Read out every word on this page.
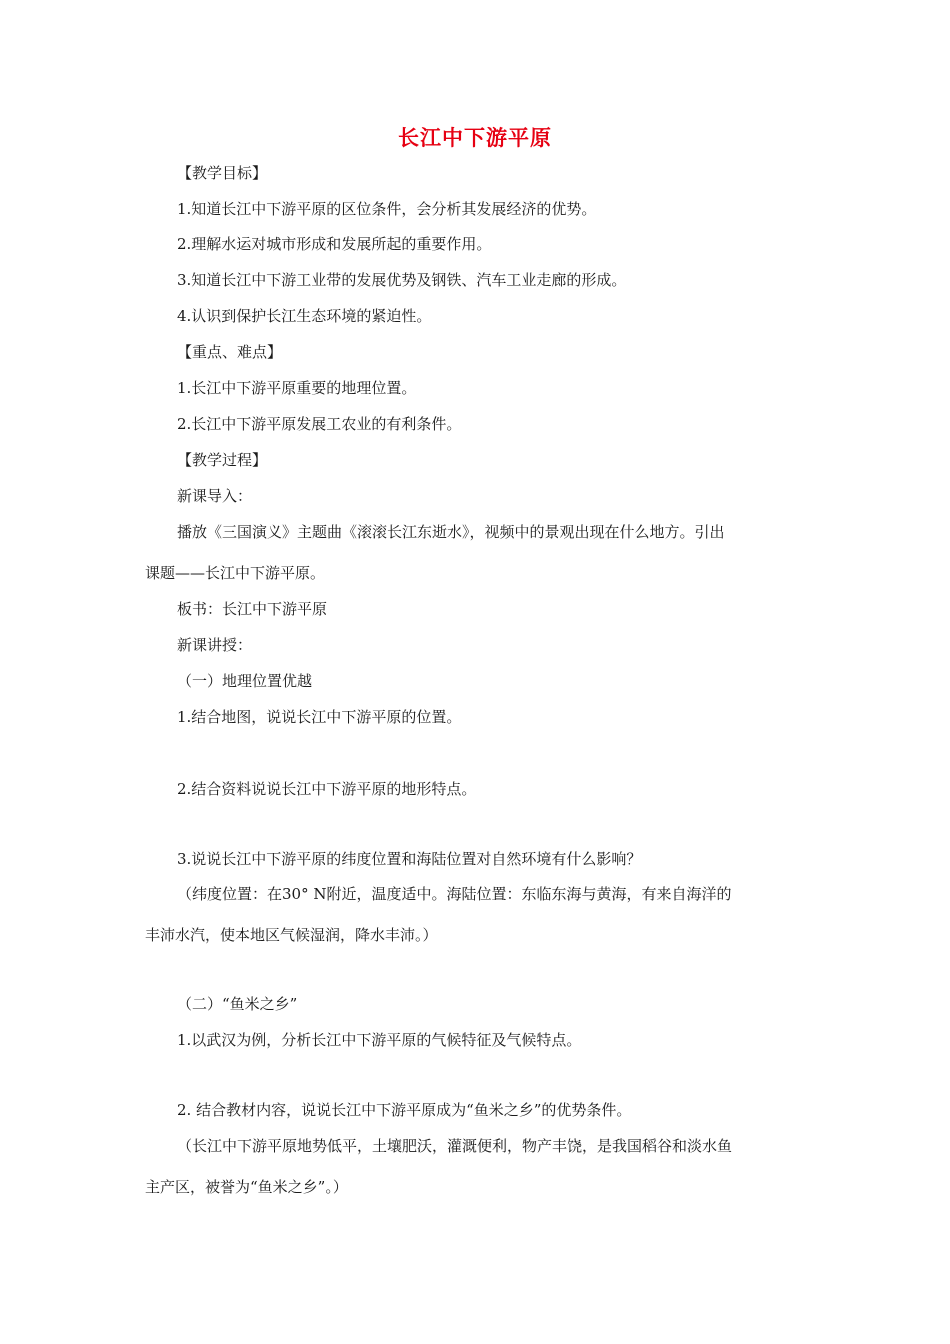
长江中下游平原
【教学目标】
1.知道长江中下游平原的区位条件，会分析其发展经济的优势。
2.理解水运对城市形成和发展所起的重要作用。
3.知道长江中下游工业带的发展优势及钢铁、汽车工业走廊的形成。
4.认识到保护长江生态环境的紧迫性。
【重点、难点】
1.长江中下游平原重要的地理位置。
2.长江中下游平原发展工农业的有利条件。
【教学过程】
新课导入：
播放《三国演义》主题曲《滚滚长江东逝水》，视频中的景观出现在什么地方。引出
课题——长江中下游平原。
板书：长江中下游平原
新课讲授：
（一）地理位置优越
1.结合地图，说说长江中下游平原的位置。
2.结合资料说说长江中下游平原的地形特点。
3.说说长江中下游平原的纬度位置和海陆位置对自然环境有什么影响？
（纬度位置：在30° N附近，温度适中。海陆位置：东临东海与黄海，有来自海洋的
丰沛水汽，使本地区气候湿润，降水丰沛。）
（二）“鱼米之乡”
1.以武汉为例，分析长江中下游平原的气候特征及气候特点。
2. 结合教材内容，说说长江中下游平原成为“鱼米之乡”的优势条件。
（长江中下游平原地势低平，土壤肥沃，灌溉便利，物产丰饶，是我国稻谷和淡水鱼
主产区，被誉为“鱼米之乡”。）
